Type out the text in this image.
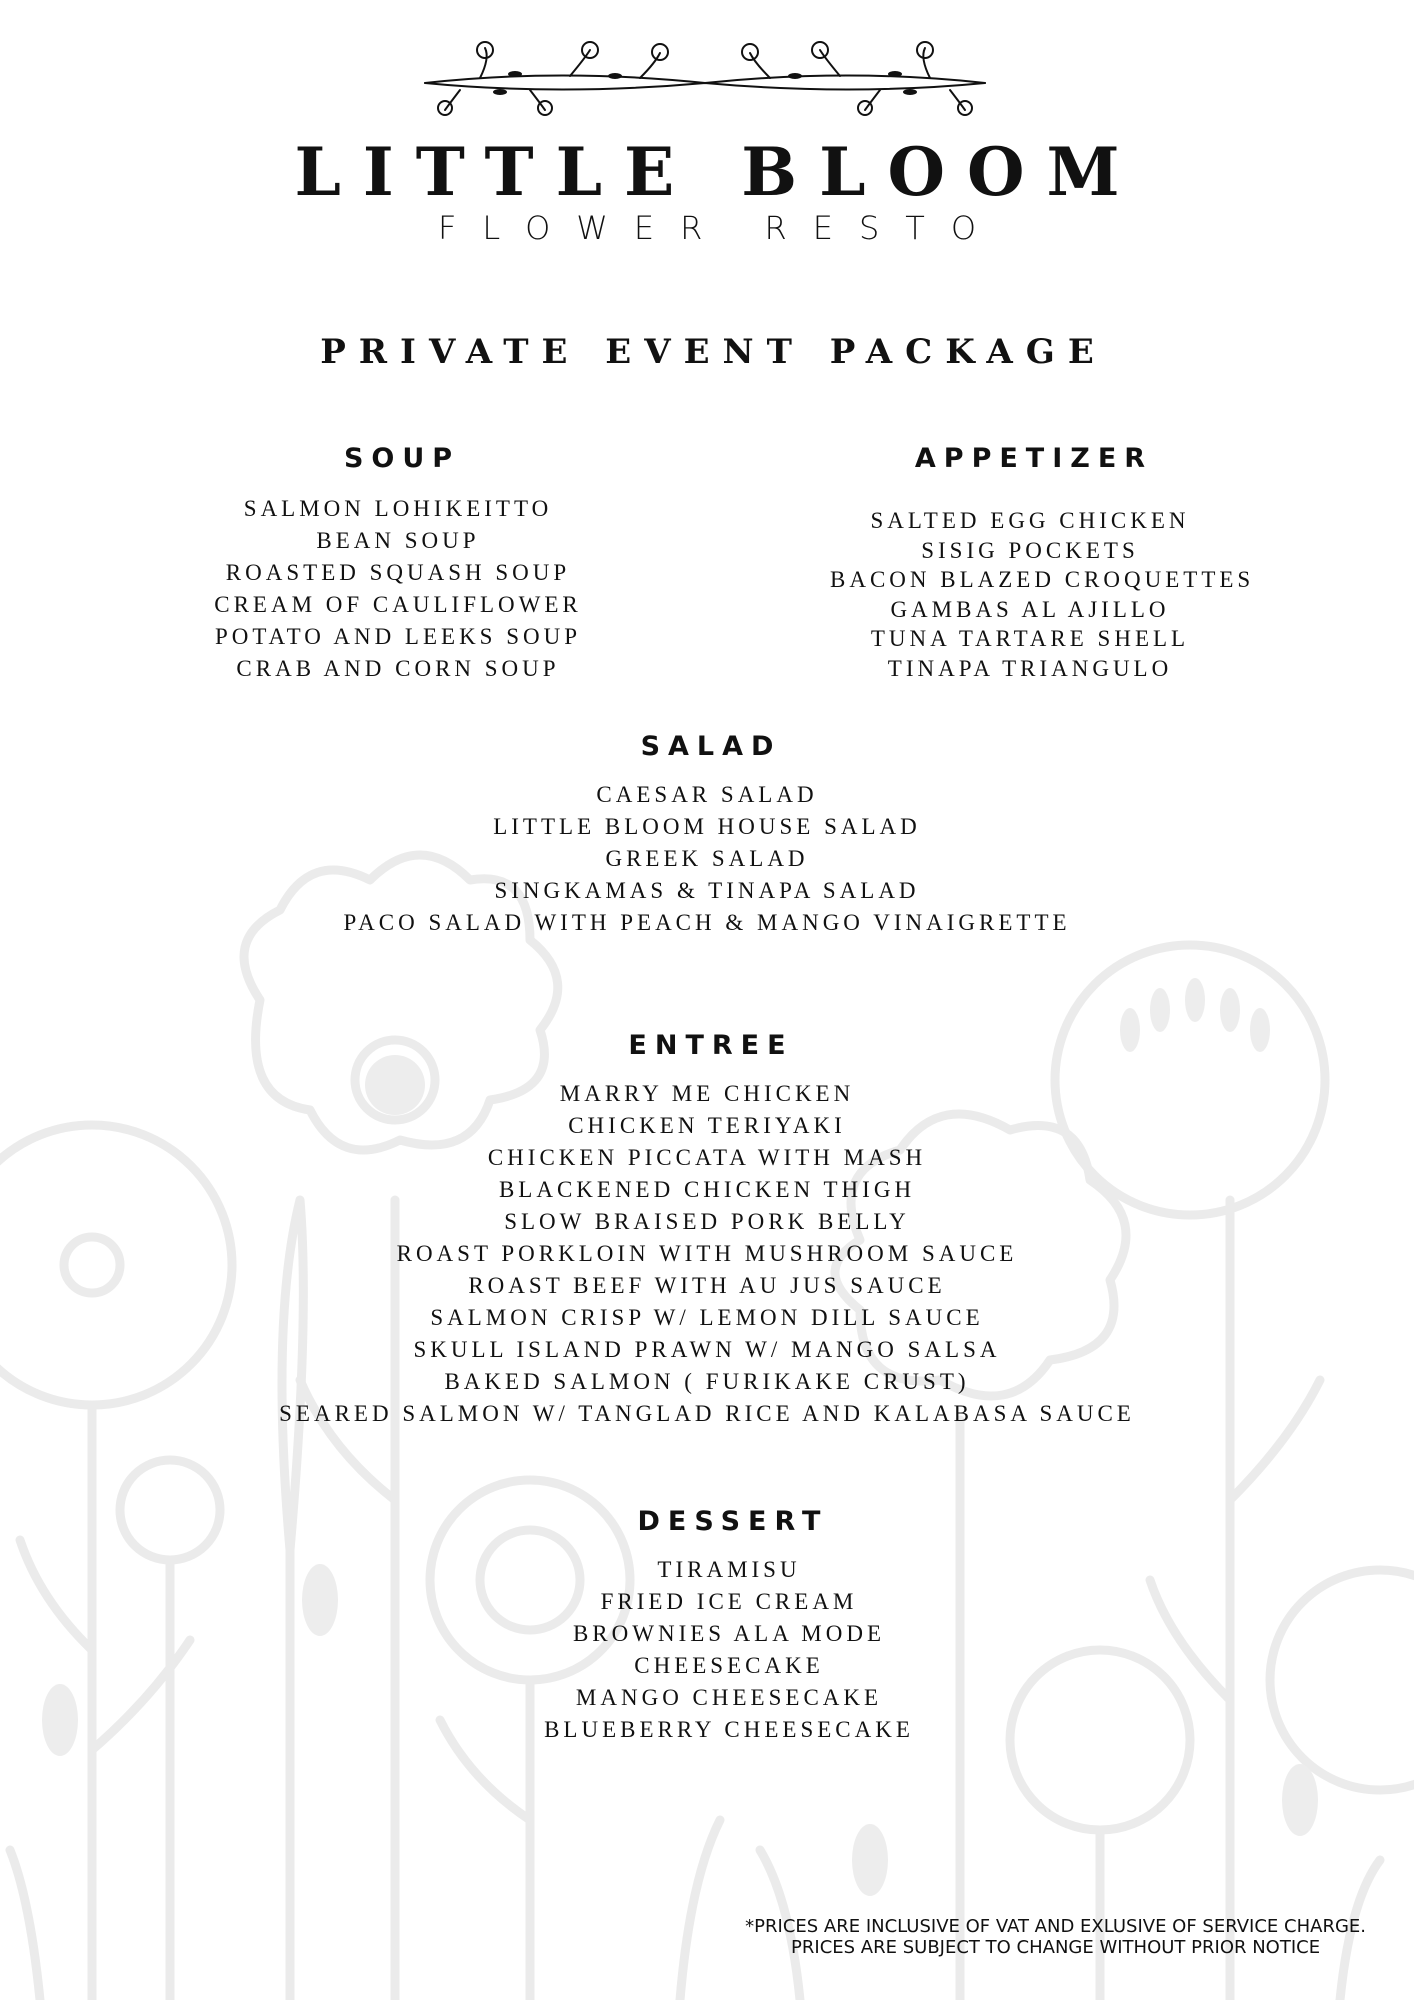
LITTLE BLOOM
FLOWER RESTO
PRIVATE EVENT PACKAGE
SOUP
SALMON LOHIKEITTO
BEAN SOUP
ROASTED SQUASH SOUP
CREAM OF CAULIFLOWER
POTATO AND LEEKS SOUP
CRAB AND CORN SOUP
APPETIZER
SALTED EGG CHICKEN
SISIG POCKETS
BACON BLAZED CROQUETTES
GAMBAS AL AJILLO
TUNA TARTARE SHELL
TINAPA TRIANGULO
SALAD
CAESAR SALAD
LITTLE BLOOM HOUSE SALAD
GREEK SALAD
SINGKAMAS & TINAPA SALAD
PACO SALAD WITH PEACH & MANGO VINAIGRETTE
ENTREE
MARRY ME CHICKEN
CHICKEN TERIYAKI
CHICKEN PICCATA WITH MASH
BLACKENED CHICKEN THIGH
SLOW BRAISED PORK BELLY
ROAST PORKLOIN WITH MUSHROOM SAUCE
ROAST BEEF WITH AU JUS SAUCE
SALMON CRISP W/ LEMON DILL SAUCE
SKULL ISLAND PRAWN W/ MANGO SALSA
BAKED SALMON ( FURIKAKE CRUST)
SEARED SALMON W/ TANGLAD RICE AND KALABASA SAUCE
DESSERT
TIRAMISU
FRIED ICE CREAM
BROWNIES ALA MODE
CHEESECAKE
MANGO CHEESECAKE
BLUEBERRY CHEESECAKE
*PRICES ARE INCLUSIVE OF VAT AND EXLUSIVE OF SERVICE CHARGE.
PRICES ARE SUBJECT TO CHANGE WITHOUT PRIOR NOTICE
